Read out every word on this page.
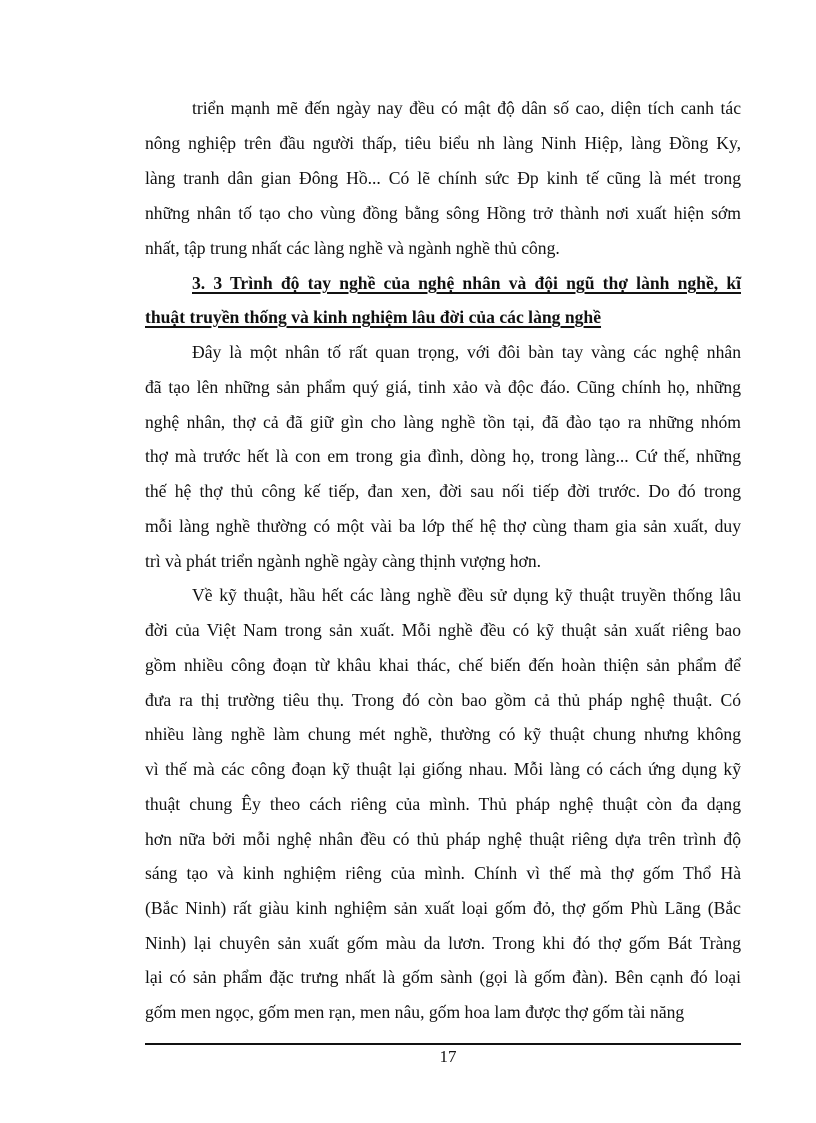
triển mạnh mẽ đến ngày nay đều có mật độ dân số cao, diện tích canh tác
nông nghiệp trên đầu người thấp, tiêu biểu nh làng Ninh Hiệp, làng Đồng Ky,
làng tranh dân gian Đông Hồ... Có lẽ chính sức Đp kinh tế cũng là mét trong
những nhân tố tạo cho vùng đồng bằng sông Hồng trở thành nơi xuất hiện sớm
nhất, tập trung nhất các làng nghề và ngành nghề thủ công.
3. 3 Trình độ tay nghề của nghệ nhân và đội ngũ thợ lành nghề, kĩ
thuật truyền thống và kinh nghiệm lâu đời của các làng nghề
Đây là một nhân tố rất quan trọng, với đôi bàn tay vàng các nghệ nhân
đã tạo lên những sản phẩm quý giá, tinh xảo và độc đáo. Cũng chính họ, những
nghệ nhân, thợ cả đã giữ gìn cho làng nghề tồn tại, đã đào tạo ra những nhóm
thợ mà trước hết là con em trong gia đình, dòng họ, trong làng... Cứ thế, những
thế hệ thợ thủ công kế tiếp, đan xen, đời sau nối tiếp đời trước. Do đó trong
mỗi làng nghề thường có một vài ba lớp thế hệ thợ cùng tham gia sản xuất, duy
trì và phát triển ngành nghề ngày càng thịnh vượng hơn.
Về kỹ thuật, hầu hết các làng nghề đều sử dụng kỹ thuật truyền thống lâu
đời của Việt Nam trong sản xuất. Mỗi nghề đều có kỹ thuật sản xuất riêng bao
gồm nhiều công đoạn từ khâu khai thác, chế biến đến hoàn thiện sản phẩm để
đưa ra thị trường tiêu thụ. Trong đó còn bao gồm cả thủ pháp nghệ thuật. Có
nhiều làng nghề làm chung mét nghề, thường có kỹ thuật chung nhưng không
vì thế mà các công đoạn kỹ thuật lại giống nhau. Mỗi làng có cách ứng dụng kỹ
thuật chung Êy theo cách riêng của mình. Thủ pháp nghệ thuật còn đa dạng
hơn nữa bởi mỗi nghệ nhân đều có thủ pháp nghệ thuật riêng dựa trên trình độ
sáng tạo và kinh nghiệm riêng của mình. Chính vì thế mà thợ gốm Thổ Hà
(Bắc Ninh) rất giàu kinh nghiệm sản xuất loại gốm đỏ, thợ gốm Phù Lãng (Bắc
Ninh) lại chuyên sản xuất gốm màu da lươn. Trong khi đó thợ gốm Bát Tràng
lại có sản phẩm đặc trưng nhất là gốm sành (gọi là gốm đàn). Bên cạnh đó loại
gốm men ngọc, gốm men rạn, men nâu, gốm hoa lam được thợ gốm tài năng
17
